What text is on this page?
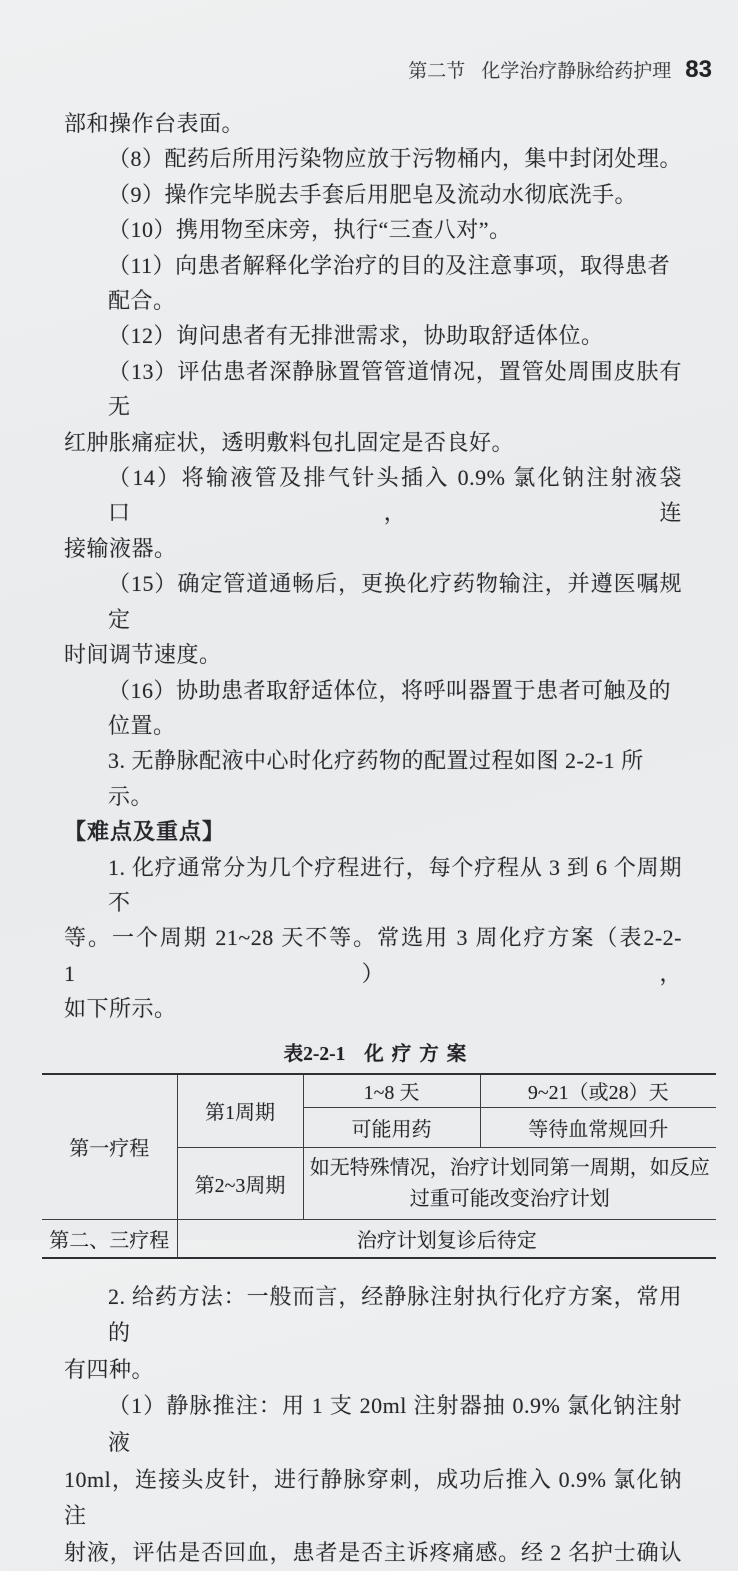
第二节 化学治疗静脉给药护理 83
部和操作台表面。
（8）配药后所用污染物应放于污物桶内，集中封闭处理。
（9）操作完毕脱去手套后用肥皂及流动水彻底洗手。
（10）携用物至床旁，执行“三查八对”。
（11）向患者解释化学治疗的目的及注意事项，取得患者配合。
（12）询问患者有无排泄需求，协助取舒适体位。
（13）评估患者深静脉置管管道情况，置管处周围皮肤有无
红肿胀痛症状，透明敷料包扎固定是否良好。
（14）将输液管及排气针头插入 0.9% 氯化钠注射液袋口，连
接输液器。
（15）确定管道通畅后，更换化疗药物输注，并遵医嘱规定
时间调节速度。
（16）协助患者取舒适体位，将呼叫器置于患者可触及的位置。
3. 无静脉配液中心时化疗药物的配置过程如图 2-2-1 所示。
【难点及重点】
1. 化疗通常分为几个疗程进行，每个疗程从 3 到 6 个周期不
等。一个周期 21~28 天不等。常选用 3 周化疗方案（表2-2-1），
如下所示。
表2-2-1 化疗方案
第一疗程	第1周期	1~8 天	9~21（或28）天
		可能用药	等待血常规回升
	第2~3周期	如无特殊情况，治疗计划同第一周期，如反应过重可能改变治疗计划	
第二、三疗程	治疗计划复诊后待定		
2. 给药方法：一般而言，经静脉注射执行化疗方案，常用的
有四种。
（1）静脉推注：用 1 支 20ml 注射器抽 0.9% 氯化钠注射液
10ml，连接头皮针，进行静脉穿刺，成功后推入 0.9% 氯化钠注
射液，评估是否回血，患者是否主诉疼痛感。经 2 名护士确认
